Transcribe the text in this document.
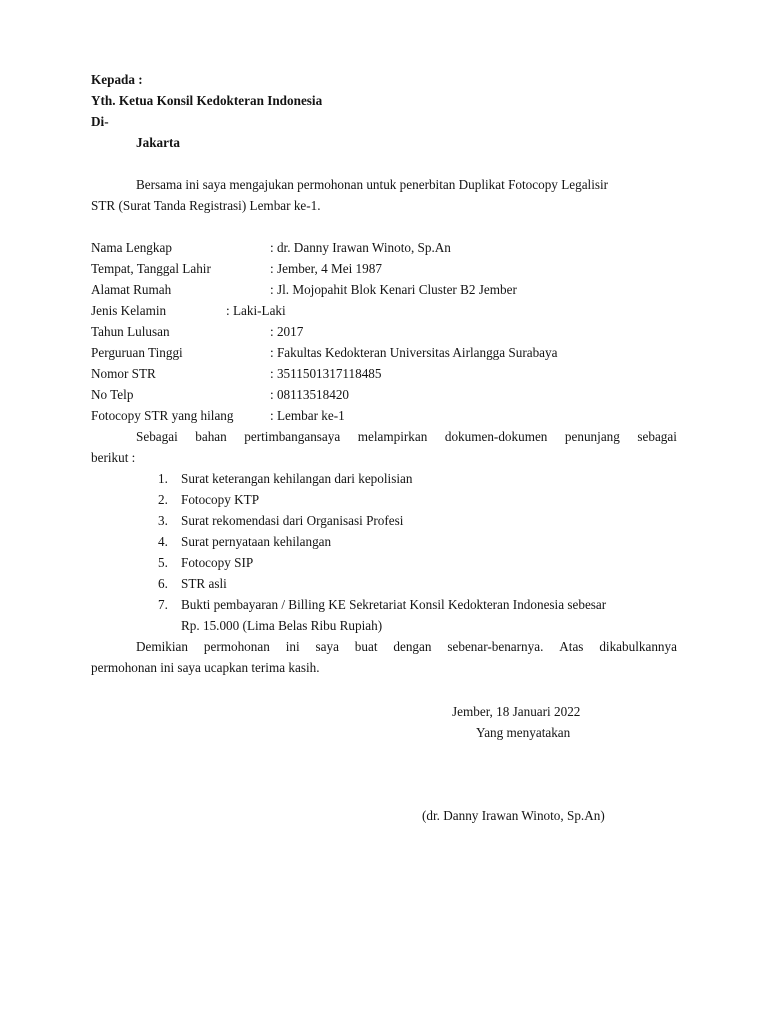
Kepada :
Yth. Ketua Konsil Kedokteran Indonesia
Di-
Jakarta
Bersama ini saya mengajukan permohonan untuk penerbitan Duplikat Fotocopy Legalisir
STR (Surat Tanda Registrasi) Lembar ke-1.
Nama Lengkap	: dr. Danny Irawan Winoto, Sp.An
Tempat, Tanggal Lahir	: Jember, 4 Mei 1987
Alamat Rumah	: Jl. Mojopahit Blok Kenari Cluster B2 Jember
Jenis Kelamin	: Laki-Laki
Tahun Lulusan	: 2017
Perguruan Tinggi	: Fakultas Kedokteran Universitas Airlangga Surabaya
Nomor STR	: 3511501317118485
No Telp	: 08113518420
Fotocopy STR yang hilang	: Lembar ke-1
Sebagai bahan pertimbangansaya melampirkan dokumen-dokumen penunjang sebagai
berikut :
1. Surat keterangan kehilangan dari kepolisian
2. Fotocopy KTP
3. Surat rekomendasi dari Organisasi Profesi
4. Surat pernyataan kehilangan
5. Fotocopy SIP
6. STR asli
7. Bukti pembayaran / Billing KE Sekretariat Konsil Kedokteran Indonesia sebesar
Rp. 15.000 (Lima Belas Ribu Rupiah)
Demikian permohonan ini saya buat dengan sebenar-benarnya. Atas dikabulkannya
permohonan ini saya ucapkan terima kasih.
Jember, 18 Januari 2022
Yang menyatakan
(dr. Danny Irawan Winoto, Sp.An)
